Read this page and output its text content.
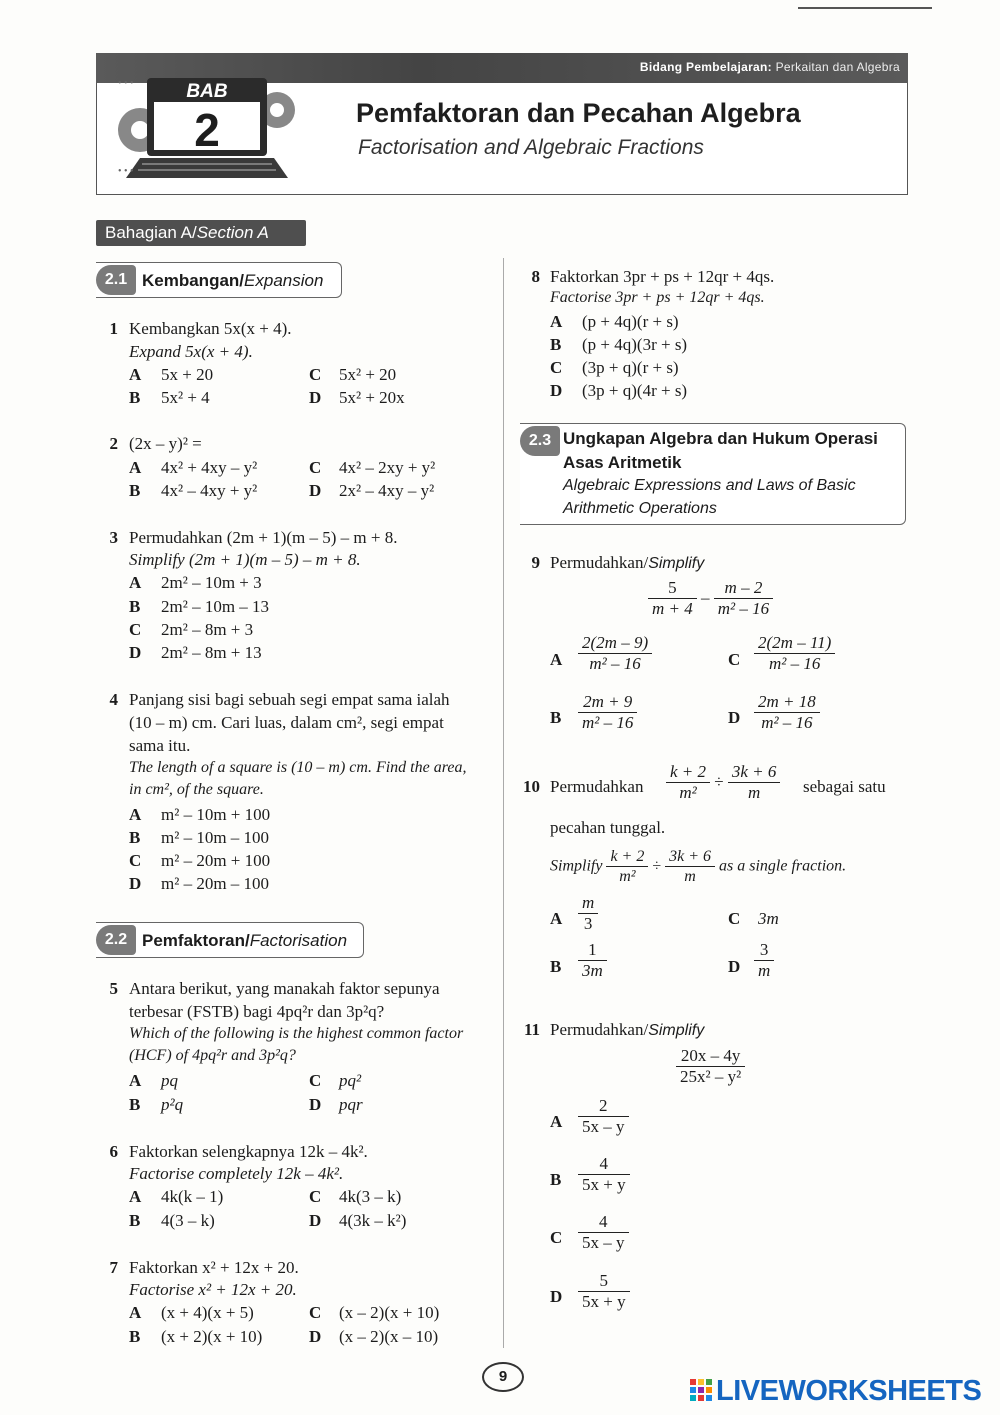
Bidang Pembelajaran: Perkaitan dan Algebra
BAB
2
• • •
• • •
Pemfaktoran dan Pecahan Algebra
Factorisation and Algebraic Fractions
Bahagian A/Section A
2.1 Kembangan/Expansion
1 Kembangkan 5x(x + 4).
Expand 5x(x + 4).
A 5x + 20	C 5x² + 20
B 5x² + 4	D 5x² + 20x
2 (2x – y)² =
A 4x² + 4xy – y²	C 4x² – 2xy + y²
B 4x² – 4xy + y²	D 2x² – 4xy – y²
3 Permudahkan (2m + 1)(m – 5) – m + 8.
Simplify (2m + 1)(m – 5) – m + 8.
A 2m² – 10m + 3
B 2m² – 10m – 13
C 2m² – 8m + 3
D 2m² – 8m + 13
4 Panjang sisi bagi sebuah segi empat sama ialah
(10 – m) cm. Cari luas, dalam cm², segi empat
sama itu.
The length of a square is (10 – m) cm. Find the area,
in cm², of the square.
A m² – 10m + 100
B m² – 10m – 100
C m² – 20m + 100
D m² – 20m – 100
2.2 Pemfaktoran/Factorisation
5 Antara berikut, yang manakah faktor sepunya
terbesar (FSTB) bagi 4pq²r dan 3p²q?
Which of the following is the highest common factor
(HCF) of 4pq²r and 3p²q?
A pq	C pq²
B p²q	D pqr
6 Faktorkan selengkapnya 12k – 4k².
Factorise completely 12k – 4k².
A 4k(k – 1)	C 4k(3 – k)
B 4(3 – k)	D 4(3k – k²)
7 Faktorkan x² + 12x + 20.
Factorise x² + 12x + 20.
A (x + 4)(x + 5)	C (x – 2)(x + 10)
B (x + 2)(x + 10)	D (x – 2)(x – 10)
8 Faktorkan 3pr + ps + 12qr + 4qs.
Factorise 3pr + ps + 12qr + 4qs.
A (p + 4q)(r + s)
B (p + 4q)(3r + s)
C (3p + q)(r + s)
D (3p + q)(4r + s)
2.3 Ungkapan Algebra dan Hukum Operasi
Asas Aritmetik
Algebraic Expressions and Laws of Basic
Arithmetic Operations
9 Permudahkan/Simplify
$\frac{5}{m + 4} - \frac{m - 2}{\text{m² – 16}}$
A $\frac{2(2m - 9)}{\text{m² – 16}}$	C $\frac{2(2m - 11)}{\text{m² – 16}}$
B $\frac{2m + 9}{\text{m² – 16}}$	D $\frac{2m + 18}{\text{m² – 16}}$
10 Permudahkan $\frac{k + 2}{\text{m²}} \div \frac{3k + 6}{m}$ sebagai satu
pecahan tunggal.
Simplify $\frac{k + 2}{\text{m²}} \div \frac{3k + 6}{m}$ as a single fraction.
A $\frac{m}{3}$	C 3m
B $\frac{1}{3m}$	D $\frac{3}{m}$
11 Permudahkan/Simplify
$\frac{20x - 4y}{\text{25x² – y²}}$
A $\frac{2}{5x - y}$
B $\frac{4}{5x + y}$
C $\frac{4}{5x - y}$
D $\frac{5}{5x + y}$
9	LIVEWORKSHEETS
